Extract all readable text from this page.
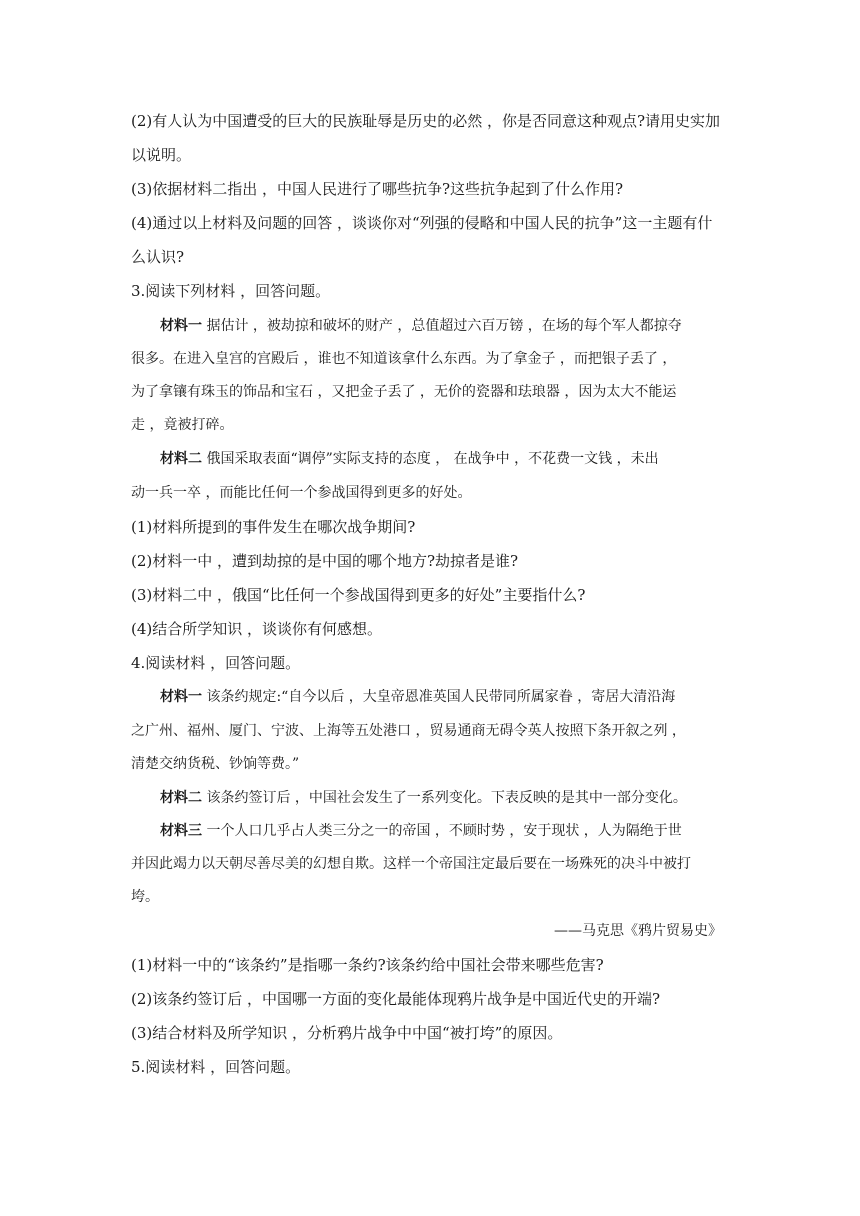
(2)有人认为中国遭受的巨大的民族耻辱是历史的必然 ，你是否同意这种观点?请用史实加
以说明。
(3)依据材料二指出 ，中国人民进行了哪些抗争?这些抗争起到了什么作用?
(4)通过以上材料及问题的回答 ，谈谈你对“列强的侵略和中国人民的抗争”这一主题有什
么认识?
3.阅读下列材料 ，回答问题。
材料一 据估计 ，被劫掠和破坏的财产 ，总值超过六百万镑 ，在场的每个军人都掠夺
很多。在进入皇宫的宫殿后 ，谁也不知道该拿什么东西。为了拿金子 ，而把银子丢了 ，
为了拿镶有珠玉的饰品和宝石 ，又把金子丢了 ，无价的瓷器和珐琅器 ，因为太大不能运
走 ，竟被打碎。
材料二 俄国采取表面“调停”实际支持的态度 ， 在战争中 ，不花费一文钱 ，未出
动一兵一卒 ，而能比任何一个参战国得到更多的好处。
(1)材料所提到的事件发生在哪次战争期间?
(2)材料一中 ，遭到劫掠的是中国的哪个地方?劫掠者是谁?
(3)材料二中 ，俄国“比任何一个参战国得到更多的好处”主要指什么?
(4)结合所学知识 ，谈谈你有何感想。
4.阅读材料 ，回答问题。
材料一 该条约规定:“自今以后 ，大皇帝恩准英国人民带同所属家眷 ，寄居大清沿海
之广州、福州、厦门、宁波、上海等五处港口 ，贸易通商无碍令英人按照下条开叙之列 ，
清楚交纳货税、钞饷等费。”
材料二 该条约签订后 ，中国社会发生了一系列变化。下表反映的是其中一部分变化。
材料三 一个人口几乎占人类三分之一的帝国 ，不顾时势 ，安于现状 ，人为隔绝于世
并因此竭力以天朝尽善尽美的幻想自欺。这样一个帝国注定最后要在一场殊死的决斗中被打
垮。
——马克思《鸦片贸易史》
(1)材料一中的“该条约”是指哪一条约?该条约给中国社会带来哪些危害?
(2)该条约签订后 ，中国哪一方面的变化最能体现鸦片战争是中国近代史的开端?
(3)结合材料及所学知识 ，分析鸦片战争中中国“被打垮”的原因。
5.阅读材料 ，回答问题。
